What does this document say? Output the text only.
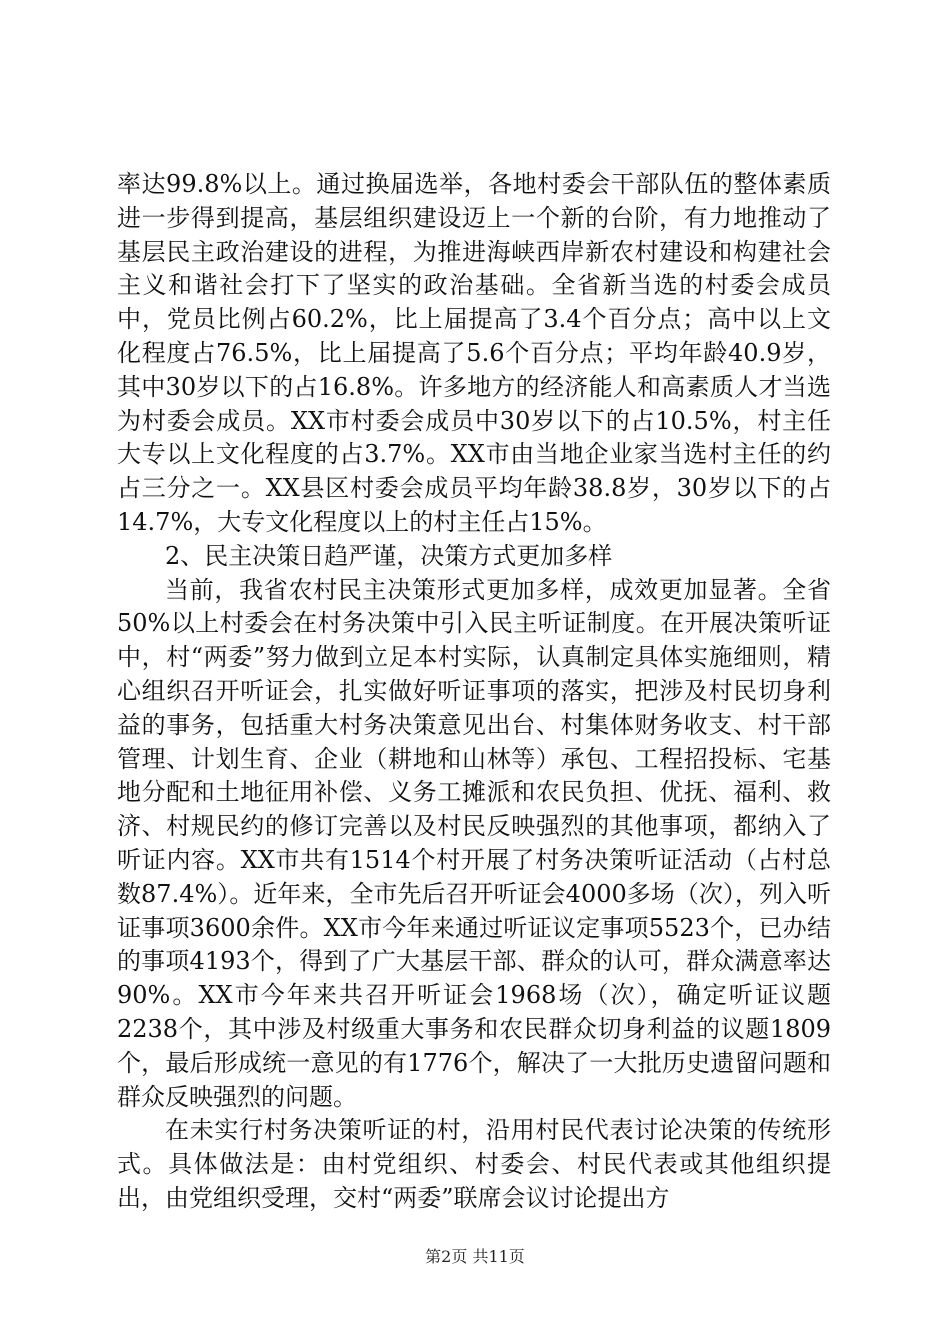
率达99.8%以上。通过换届选举，各地村委会干部队伍的整体素质进一步得到提高，基层组织建设迈上一个新的台阶，有力地推动了基层民主政治建设的进程，为推进海峡西岸新农村建设和构建社会主义和谐社会打下了坚实的政治基础。全省新当选的村委会成员中，党员比例占60.2%，比上届提高了3.4个百分点；高中以上文化程度占76.5%，比上届提高了5.6个百分点；平均年龄40.9岁，其中30岁以下的占16.8%。许多地方的经济能人和高素质人才当选为村委会成员。XX市村委会成员中30岁以下的占10.5%，村主任大专以上文化程度的占3.7%。XX市由当地企业家当选村主任的约占三分之一。XX县区村委会成员平均年龄38.8岁，30岁以下的占14.7%，大专文化程度以上的村主任占15%。

2、民主决策日趋严谨，决策方式更加多样

当前，我省农村民主决策形式更加多样，成效更加显著。全省50%以上村委会在村务决策中引入民主听证制度。在开展决策听证中，村“两委”努力做到立足本村实际，认真制定具体实施细则，精心组织召开听证会，扎实做好听证事项的落实，把涉及村民切身利益的事务，包括重大村务决策意见出台、村集体财务收支、村干部管理、计划生育、企业（耕地和山林等）承包、工程招投标、宅基地分配和土地征用补偿、义务工摊派和农民负担、优抚、福利、救济、村规民约的修订完善以及村民反映强烈的其他事项，都纳入了听证内容。XX市共有1514个村开展了村务决策听证活动（占村总数87.4%）。近年来，全市先后召开听证会4000多场（次），列入听证事项3600余件。XX市今年来通过听证议定事项5523个，已办结的事项4193个，得到了广大基层干部、群众的认可，群众满意率达90%。XX市今年来共召开听证会1968场（次），确定听证议题2238个，其中涉及村级重大事务和农民群众切身利益的议题1809个，最后形成统一意见的有1776个，解决了一大批历史遗留问题和群众反映强烈的问题。

在未实行村务决策听证的村，沿用村民代表讨论决策的传统形式。具体做法是：由村党组织、村委会、村民代表或其他组织提出，由党组织受理，交村“两委”联席会议讨论提出方

第2页 共11页
